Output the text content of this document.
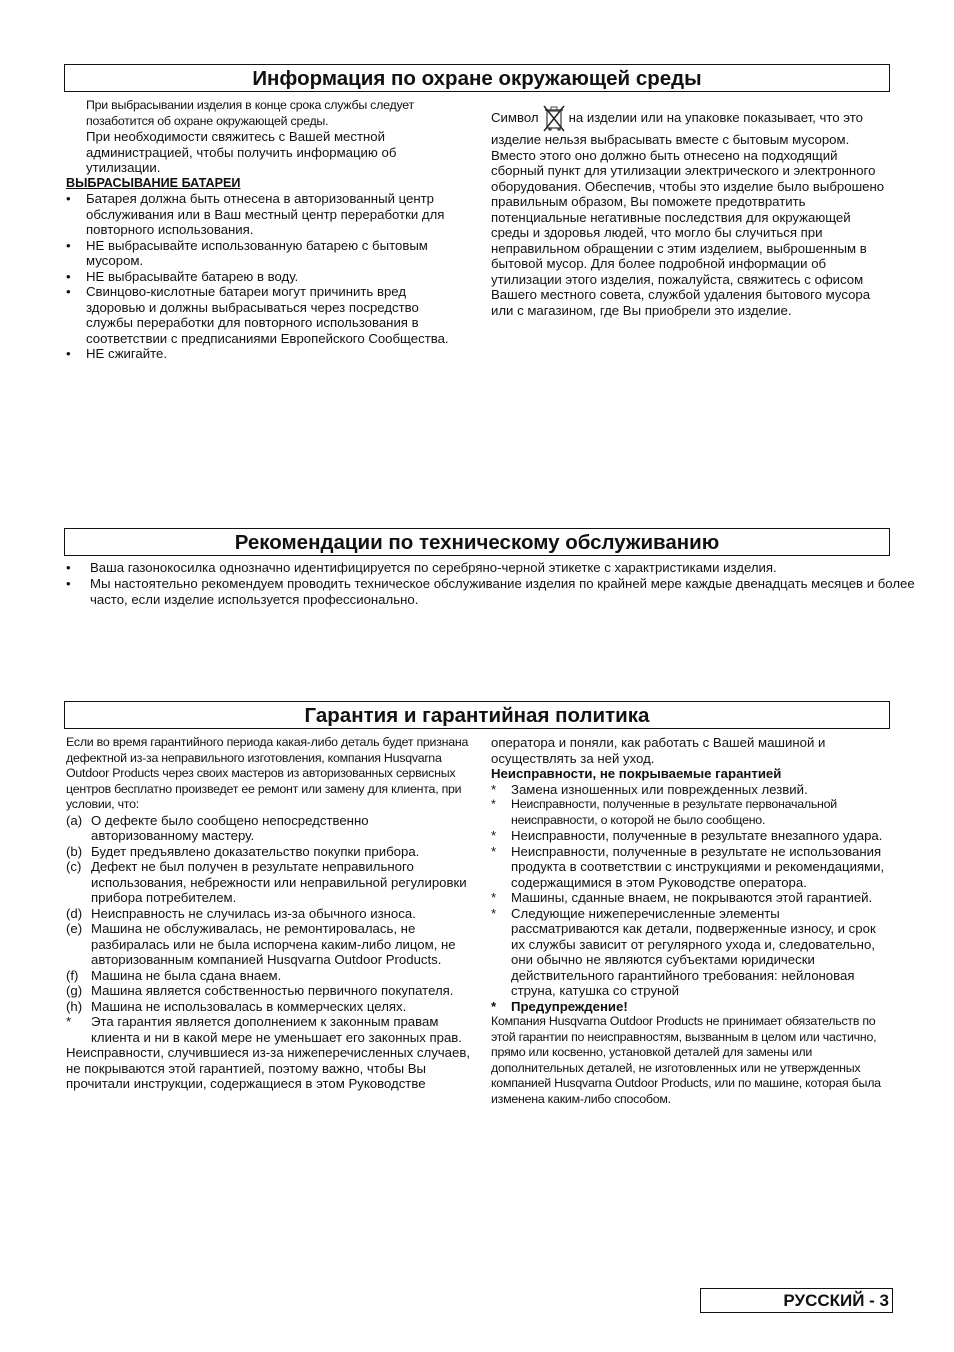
Информация по охране окружающей среды

При выбрасывании изделия в конце срока службы следует позаботится об охране окружающей среды.

При необходимости свяжитесь с Вашей местной администрацией, чтобы получить информацию об утилизации.

ВЫБРАСЫВАНИЕ БАТАРЕИ

• Батарея должна быть отнесена в авторизованный центр обслуживания или в Ваш местный центр переработки для повторного использования.
• НЕ выбрасывайте использованную батарею с бытовым мусором.
• НЕ выбрасывайте батарею в воду.
• Свинцово-кислотные батареи могут причинить вред здоровью и должны выбрасываться через посредство службы переработки для повторного использования в соответствии с предписаниями Европейского Сообщества.
• НЕ сжигайте.

Символ на изделии или на упаковке показывает, что это изделие нельзя выбрасывать вместе с бытовым мусором. Вместо этого оно должно быть отнесено на подходящий сборный пункт для утилизации электрического и электронного оборудования. Обеспечив, чтобы это изделие было выброшено правильным образом, Вы поможете предотвратить потенциальные негативные последствия для окружающей среды и здоровья людей, что могло бы случиться при неправильном обращении с этим изделием, выброшенным в бытовой мусор. Для более подробной информации об утилизации этого изделия, пожалуйста, свяжитесь с офисом Вашего местного совета, службой удаления бытового мусора или с магазином, где Вы приобрели это изделие.

Рекомендации по техническому обслуживанию
• Ваша газонокосилка однозначно идентифицируется по серебряно-черной этикетке с характристиками изделия.
• Мы настоятельно рекомендуем проводить техническое обслуживание изделия по крайней мере каждые двенадцать месяцев и более часто, если изделие используется профессионально.
Гарантия и гарантийная политика

Если во время гарантийного периода какая-либо деталь будет признана дефектной из-за неправильного изготовления, компания Husqvarna Outdoor Products через своих мастеров из авторизованных сервисных центров бесплатно произведет ее ремонт или замену для клиента, при условии, что:

(a) О дефекте было сообщено непосредственно авторизованному мастеру.
(b) Будет предъявлено доказательство покупки прибора.
(c) Дефект не был получен в результате неправильного использования, небрежности или неправильной регулировки прибора потребителем.
(d) Неисправность не случилась из-за обычного износа.
(e) Машина не обслуживалась, не ремонтировалась, не разбиралась или не была испорчена каким-либо лицом, не авторизованным компанией Husqvarna Outdoor Products.
(f) Машина не была сдана внаем.
(g) Машина является собственностью первичного покупателя.
(h) Машина не использовалась в коммерческих целях.
* Эта гарантия является дополнением к законным правам клиента и ни в какой мере не уменьшает его законных прав.

Неисправности, случившиеся из-за нижеперечисленных случаев, не покрываются этой гарантией, поэтому важно, чтобы Вы прочитали инструкции, содержащиеся в этом Руководстве

оператора и поняли, как работать с Вашей машиной и осуществлять за ней уход.

Неисправности, не покрываемые гарантией

* Замена изношенных или поврежденных лезвий.
* Неисправности, полученные в результате первоначальной неисправности, о которой не было сообщено.
* Неисправности, полученные в результате внезапного удара.
* Неисправности, полученные в результате не использования продукта в соответствии с инструкциями и рекомендациями, содержащимися в этом Руководстве оператора.
* Машины, сданные внаем, не покрываются этой гарантией.
* Следующие нижеперечисленные элементы рассматриваются как детали, подверженные износу, и срок их службы зависит от регулярного ухода и, следовательно, они обычно не являются субъектами юридически действительного гарантийного требования: нейлоновая струна, катушка со струной
* Предупреждение!

Компания Husqvarna Outdoor Products не принимает обязательств по этой гарантии по неисправностям, вызванным в целом или частично, прямо или косвенно, установкой деталей для замены или дополнительных деталей, не изготовленных или не утвержденных компанией Husqvarna Outdoor Products, или по машине, которая была изменена каким-либо способом.

РУССКИЙ - 3
